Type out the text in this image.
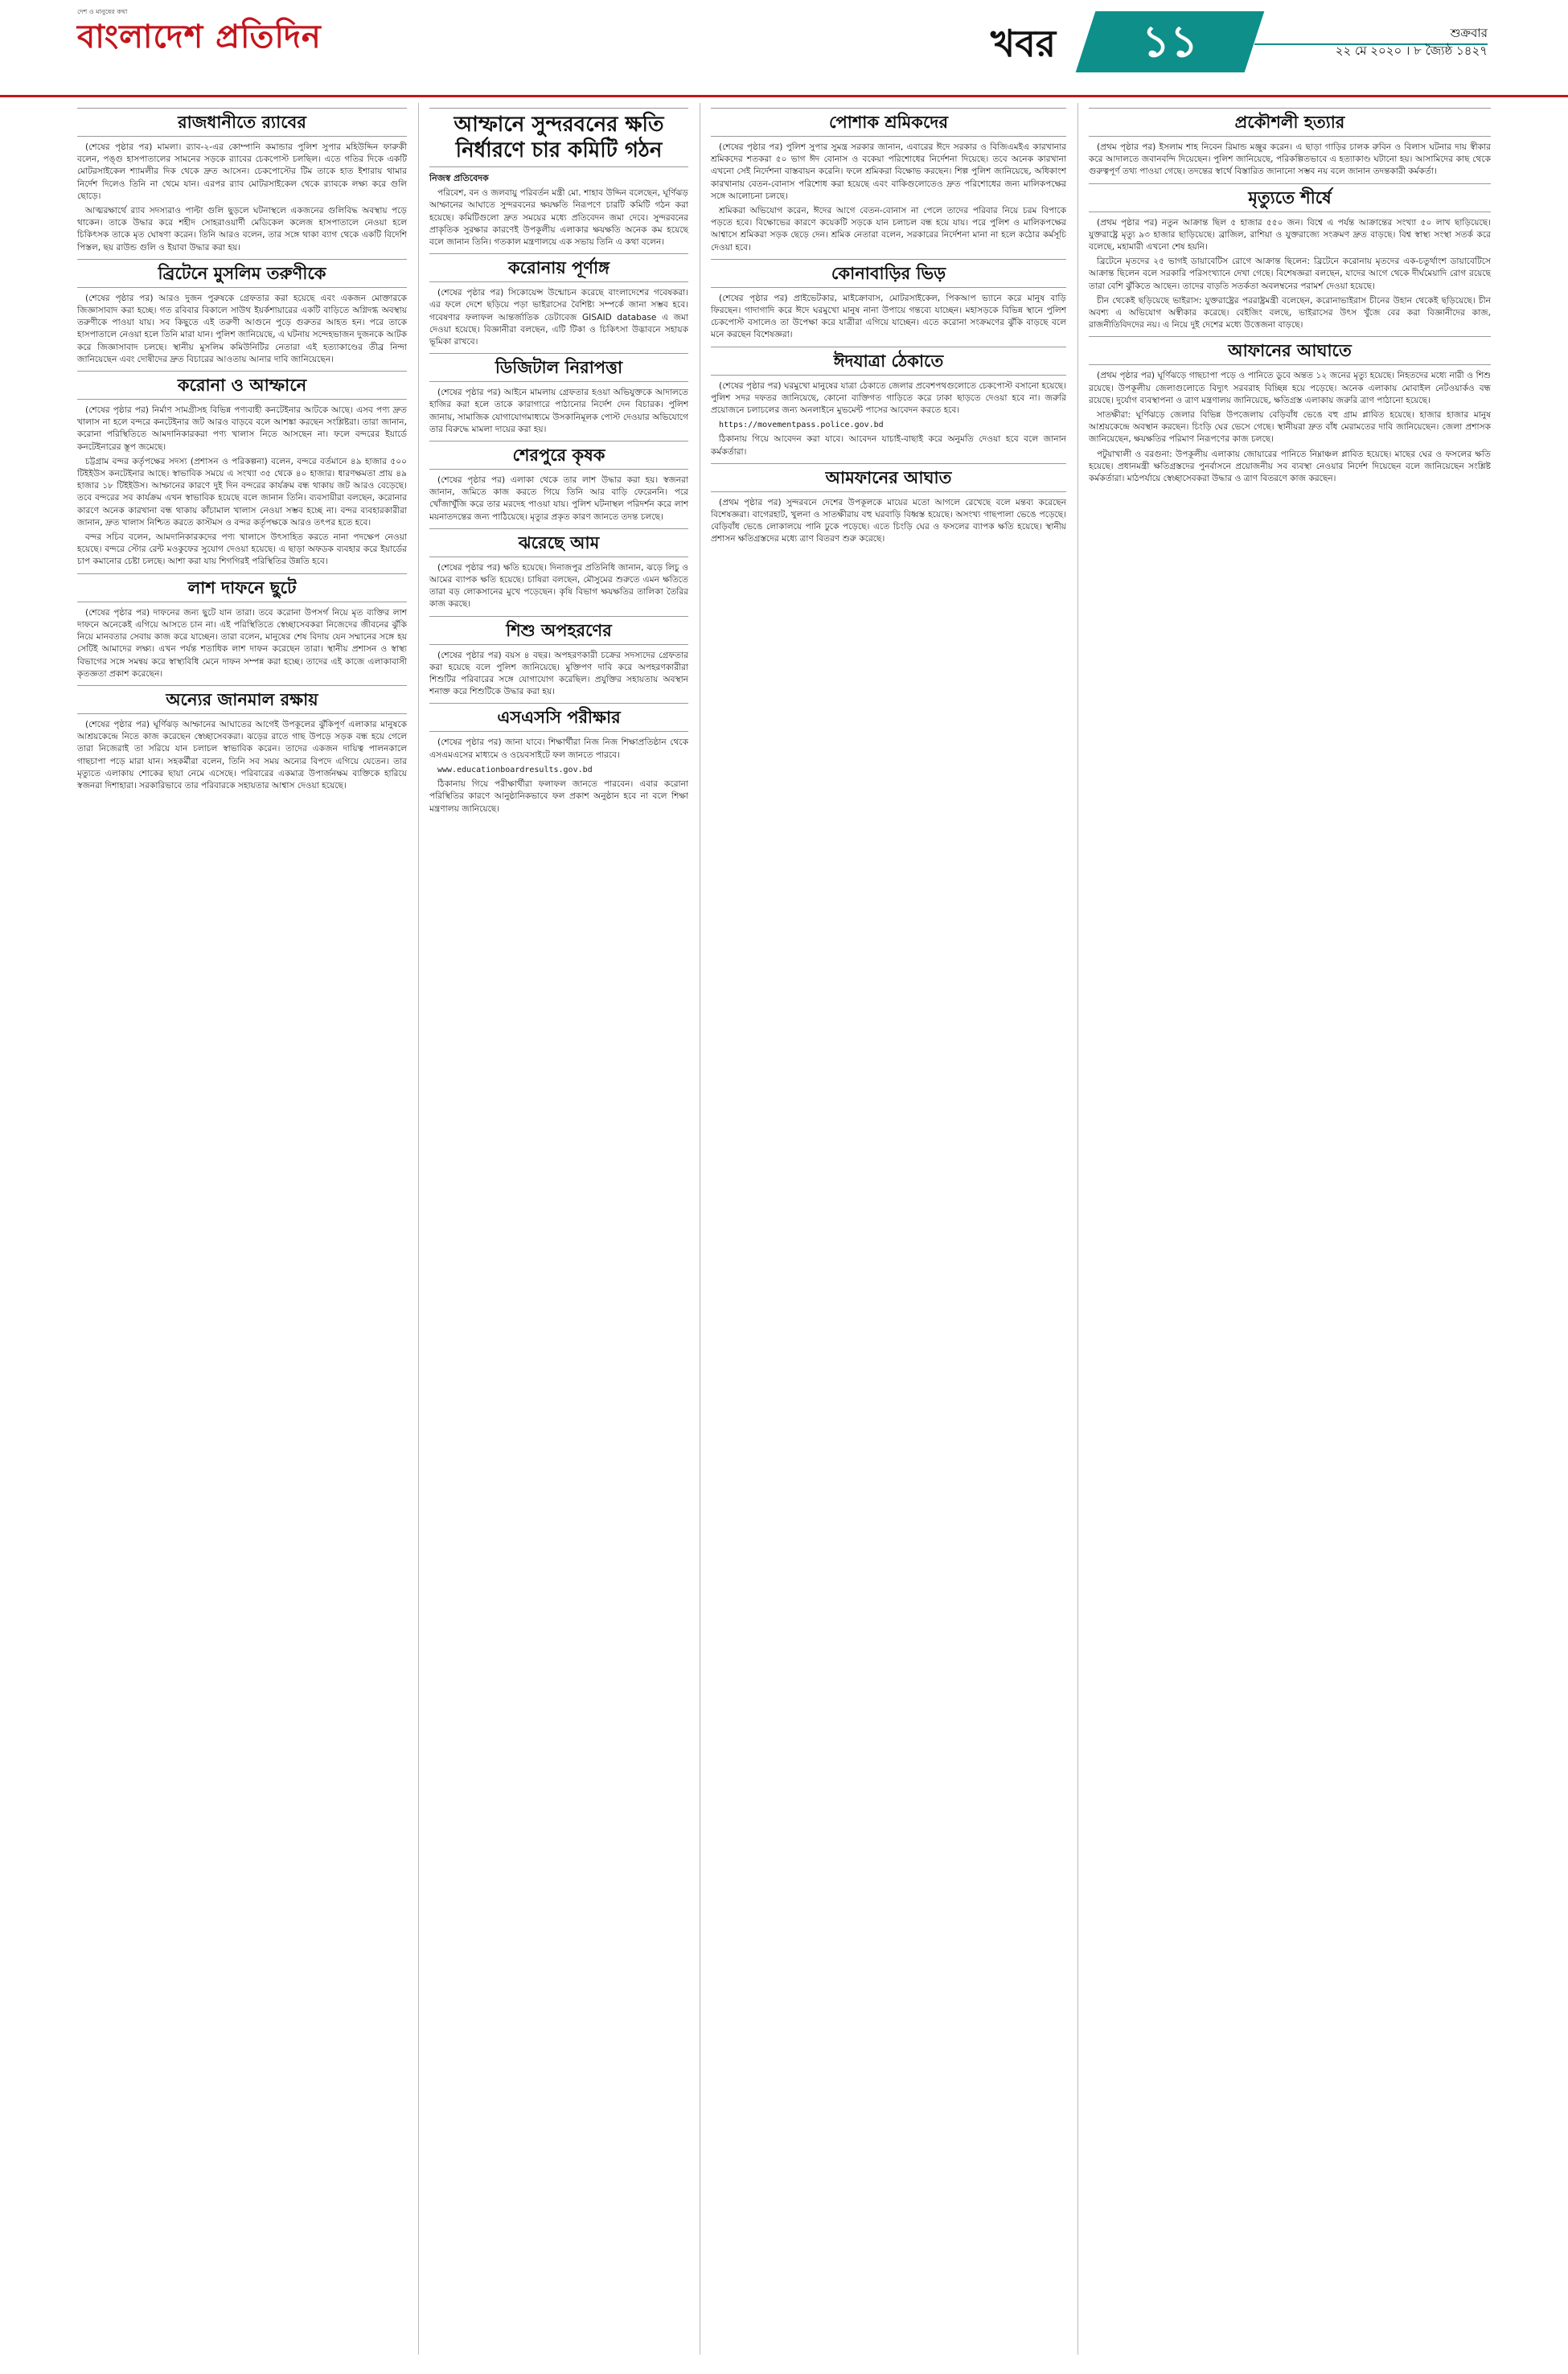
দেশ ও মানুষের কথা
বাংলাদেশ প্রতিদিন	খবর	১১	শুক্রবার
২২ মে ২০২০ । ৮ জ্যৈষ্ঠ ১৪২৭
রাজধানীতে র‌্যাবের

(শেষের পৃষ্ঠার পর) মামলা। র‌্যাব-২-এর কোম্পানি কমান্ডার পুলিশ সুপার মহিউদ্দিন ফারুকী বলেন, পঙ্গু হাসপাতালের সামনের সড়কে র‌্যাবের চেকপোস্ট চলছিল। এতে গতির দিকে একটি মোটরসাইকেল শ্যামলীর দিক থেকে দ্রুত আসেন। চেকপোস্টের টিম তাকে হাত ইশারায় থামার নির্দেশ দিলেও তিনি না থেমে যান। এরপর র‌্যাব মোটরসাইকেল থেকে র‌্যাবকে লক্ষ্য করে গুলি ছোড়ে।

আত্মরক্ষার্থে র‌্যাব সদস্যরাও পাল্টা গুলি ছুড়লে ঘটনাস্থলে একজনের গুলিবিদ্ধ অবস্থায় পড়ে থাকেন। তাকে উদ্ধার করে শহীদ সোহরাওয়ার্দী মেডিকেল কলেজ হাসপাতালে নেওয়া হলে চিকিৎসক তাকে মৃত ঘোষণা করেন। তিনি আরও বলেন, তার সঙ্গে থাকা ব্যাগ থেকে একটি বিদেশি পিস্তল, ছয় রাউন্ড গুলি ও ইয়াবা উদ্ধার করা হয়।

ব্রিটেনে মুসলিম তরুণীকে

(শেষের পৃষ্ঠার পর) আরও দুজন পুরুষকে গ্রেফতার করা হয়েছে এবং একজন মোক্তারকে জিজ্ঞাসাবাদ করা হচ্ছে। গত রবিবার বিকালে সাউথ ইয়র্কশায়ারের একটি বাড়িতে অগ্নিদগ্ধ অবস্থায় তরুণীকে পাওয়া যায়। সব কিছুতে এই তরুণী আগুনে পুড়ে গুরুতর আহত হন। পরে তাকে হাসপাতালে নেওয়া হলে তিনি মারা যান। পুলিশ জানিয়েছে, এ ঘটনায় সন্দেহভাজন দুজনকে আটক করে জিজ্ঞাসাবাদ চলছে। স্থানীয় মুসলিম কমিউনিটির নেতারা এই হত্যাকাণ্ডের তীব্র নিন্দা জানিয়েছেন এবং দোষীদের দ্রুত বিচারের আওতায় আনার দাবি জানিয়েছেন।

করোনা ও আম্ফানে

(শেষের পৃষ্ঠার পর) নির্মাণ সামগ্রীসহ বিভিন্ন পণ্যবাহী কনটেইনার আটকে আছে। এসব পণ্য দ্রুত খালাস না হলে বন্দরে কনটেইনার জট আরও বাড়বে বলে আশঙ্কা করছেন সংশ্লিষ্টরা। তারা জানান, করোনা পরিস্থিতিতে আমদানিকারকরা পণ্য খালাস নিতে আসছেন না। ফলে বন্দরের ইয়ার্ডে কনটেইনারের স্তূপ জমেছে।

চট্টগ্রাম বন্দর কর্তৃপক্ষের সদস্য (প্রশাসন ও পরিকল্পনা) বলেন, বন্দরে বর্তমানে ৪৯ হাজার ৫০০ টিইইউস কনটেইনার আছে। স্বাভাবিক সময়ে এ সংখ্যা ৩৫ থেকে ৪০ হাজার। ধারণক্ষমতা প্রায় ৪৯ হাজার ১৮ টিইইউস। আম্ফানের কারণে দুই দিন বন্দরের কার্যক্রম বন্ধ থাকায় জট আরও বেড়েছে। তবে বন্দরের সব কার্যক্রম এখন স্বাভাবিক হয়েছে বলে জানান তিনি। ব্যবসায়ীরা বলছেন, করোনার কারণে অনেক কারখানা বন্ধ থাকায় কাঁচামাল খালাস নেওয়া সম্ভব হচ্ছে না। বন্দর ব্যবহারকারীরা জানান, দ্রুত খালাস নিশ্চিত করতে কাস্টমস ও বন্দর কর্তৃপক্ষকে আরও তৎপর হতে হবে।

বন্দর সচিব বলেন, আমদানিকারকদের পণ্য খালাসে উৎসাহিত করতে নানা পদক্ষেপ নেওয়া হয়েছে। বন্দরে স্টোর রেন্ট মওকুফের সুযোগ দেওয়া হয়েছে। এ ছাড়া অফডক ব্যবহার করে ইয়ার্ডের চাপ কমানোর চেষ্টা চলছে। আশা করা যায় শিগগিরই পরিস্থিতির উন্নতি হবে।

লাশ দাফনে ছুটে

(শেষের পৃষ্ঠার পর) দাফনের জন্য ছুটে যান তারা। তবে করোনা উপসর্গ নিয়ে মৃত ব্যক্তির লাশ দাফনে অনেকেই এগিয়ে আসতে চান না। এই পরিস্থিতিতে স্বেচ্ছাসেবকরা নিজেদের জীবনের ঝুঁকি নিয়ে মানবতার সেবায় কাজ করে যাচ্ছেন। তারা বলেন, মানুষের শেষ বিদায় যেন সম্মানের সঙ্গে হয় সেটিই আমাদের লক্ষ্য। এখন পর্যন্ত শতাধিক লাশ দাফন করেছেন তারা। স্থানীয় প্রশাসন ও স্বাস্থ্য বিভাগের সঙ্গে সমন্বয় করে স্বাস্থ্যবিধি মেনে দাফন সম্পন্ন করা হচ্ছে। তাদের এই কাজে এলাকাবাসী কৃতজ্ঞতা প্রকাশ করেছেন।

অন্যের জানমাল রক্ষায়

(শেষের পৃষ্ঠার পর) ঘূর্ণিঝড় আম্ফানের আঘাতের আগেই উপকূলের ঝুঁকিপূর্ণ এলাকার মানুষকে আশ্রয়কেন্দ্রে নিতে কাজ করেছেন স্বেচ্ছাসেবকরা। ঝড়ের রাতে গাছ উপড়ে সড়ক বন্ধ হয়ে গেলে তারা নিজেরাই তা সরিয়ে যান চলাচল স্বাভাবিক করেন। তাদের একজন দায়িত্ব পালনকালে গাছচাপা পড়ে মারা যান। সহকর্মীরা বলেন, তিনি সব সময় অন্যের বিপদে এগিয়ে যেতেন। তার মৃত্যুতে এলাকায় শোকের ছায়া নেমে এসেছে। পরিবারের একমাত্র উপার্জনক্ষম ব্যক্তিকে হারিয়ে স্বজনরা দিশাহারা। সরকারিভাবে তার পরিবারকে সহায়তার আশ্বাস দেওয়া হয়েছে।

আম্ফানে সুন্দরবনের ক্ষতি নির্ধারণে চার কমিটি গঠন
নিজস্ব প্রতিবেদক

পরিবেশ, বন ও জলবায়ু পরিবর্তন মন্ত্রী মো. শাহাব উদ্দিন বলেছেন, ঘূর্ণিঝড় আম্ফানের আঘাতে সুন্দরবনের ক্ষয়ক্ষতি নিরূপণে চারটি কমিটি গঠন করা হয়েছে। কমিটিগুলো দ্রুত সময়ের মধ্যে প্রতিবেদন জমা দেবে। সুন্দরবনের প্রাকৃতিক সুরক্ষার কারণেই উপকূলীয় এলাকার ক্ষয়ক্ষতি অনেক কম হয়েছে বলে জানান তিনি। গতকাল মন্ত্রণালয়ে এক সভায় তিনি এ কথা বলেন।

করোনায় পূর্ণাঙ্গ

(শেষের পৃষ্ঠার পর) সিকোয়েন্স উন্মোচন করেছে বাংলাদেশের গবেষকরা। এর ফলে দেশে ছড়িয়ে পড়া ভাইরাসের বৈশিষ্ট্য সম্পর্কে জানা সম্ভব হবে। গবেষণার ফলাফল আন্তর্জাতিক ডেটাবেজ GISAID database এ জমা দেওয়া হয়েছে। বিজ্ঞানীরা বলছেন, এটি টিকা ও চিকিৎসা উদ্ভাবনে সহায়ক ভূমিকা রাখবে।

ডিজিটাল নিরাপত্তা

(শেষের পৃষ্ঠার পর) আইনে মামলায় গ্রেফতার হওয়া অভিযুক্তকে আদালতে হাজির করা হলে তাকে কারাগারে পাঠানোর নির্দেশ দেন বিচারক। পুলিশ জানায়, সামাজিক যোগাযোগমাধ্যমে উসকানিমূলক পোস্ট দেওয়ার অভিযোগে তার বিরুদ্ধে মামলা দায়ের করা হয়।

শেরপুরে কৃষক

(শেষের পৃষ্ঠার পর) এলাকা থেকে তার লাশ উদ্ধার করা হয়। স্বজনরা জানান, জমিতে কাজ করতে গিয়ে তিনি আর বাড়ি ফেরেননি। পরে খোঁজাখুঁজি করে তার মরদেহ পাওয়া যায়। পুলিশ ঘটনাস্থল পরিদর্শন করে লাশ ময়নাতদন্তের জন্য পাঠিয়েছে। মৃত্যুর প্রকৃত কারণ জানতে তদন্ত চলছে।

ঝরেছে আম

(শেষের পৃষ্ঠার পর) ক্ষতি হয়েছে। দিনাজপুর প্রতিনিধি জানান, ঝড়ে লিচু ও আমের ব্যাপক ক্ষতি হয়েছে। চাষিরা বলছেন, মৌসুমের শুরুতে এমন ক্ষতিতে তারা বড় লোকসানের মুখে পড়েছেন। কৃষি বিভাগ ক্ষয়ক্ষতির তালিকা তৈরির কাজ করছে।

শিশু অপহরণের

(শেষের পৃষ্ঠার পর) বয়স ৪ বছর। অপহরণকারী চক্রের সদস্যদের গ্রেফতার করা হয়েছে বলে পুলিশ জানিয়েছে। মুক্তিপণ দাবি করে অপহরণকারীরা শিশুটির পরিবারের সঙ্গে যোগাযোগ করেছিল। প্রযুক্তির সহায়তায় অবস্থান শনাক্ত করে শিশুটিকে উদ্ধার করা হয়।

এসএসসি পরীক্ষার

(শেষের পৃষ্ঠার পর) জানা যাবে। শিক্ষার্থীরা নিজ নিজ শিক্ষাপ্রতিষ্ঠান থেকে এসএমএসের মাধ্যমে ও ওয়েবসাইটে ফল জানতে পারবে।

www.educationboardresults.gov.bd

ঠিকানায় গিয়ে পরীক্ষার্থীরা ফলাফল জানতে পারবেন। এবার করোনা পরিস্থিতির কারণে আনুষ্ঠানিকভাবে ফল প্রকাশ অনুষ্ঠান হবে না বলে শিক্ষা মন্ত্রণালয় জানিয়েছে।

পোশাক শ্রমিকদের

(শেষের পৃষ্ঠার পর) পুলিশ সুপার সুমন্ত্র সরকার জানান, এবারের ঈদে সরকার ও বিজিএমইএ কারখানার শ্রমিকদের শতকরা ৫০ ভাগ ঈদ বোনাস ও বকেয়া পরিশোধের নির্দেশনা দিয়েছে। তবে অনেক কারখানা এখনো সেই নির্দেশনা বাস্তবায়ন করেনি। ফলে শ্রমিকরা বিক্ষোভ করছেন। শিল্প পুলিশ জানিয়েছে, অধিকাংশ কারখানায় বেতন-বোনাস পরিশোধ করা হয়েছে এবং বাকিগুলোতেও দ্রুত পরিশোধের জন্য মালিকপক্ষের সঙ্গে আলোচনা চলছে।

শ্রমিকরা অভিযোগ করেন, ঈদের আগে বেতন-বোনাস না পেলে তাদের পরিবার নিয়ে চরম বিপাকে পড়তে হবে। বিক্ষোভের কারণে কয়েকটি সড়কে যান চলাচল বন্ধ হয়ে যায়। পরে পুলিশ ও মালিকপক্ষের আশ্বাসে শ্রমিকরা সড়ক ছেড়ে দেন। শ্রমিক নেতারা বলেন, সরকারের নির্দেশনা মানা না হলে কঠোর কর্মসূচি দেওয়া হবে।

কোনাবাড়ির ভিড়

(শেষের পৃষ্ঠার পর) প্রাইভেটকার, মাইক্রোবাস, মোটরসাইকেল, পিকআপ ভ্যানে করে মানুষ বাড়ি ফিরছেন। গাদাগাদি করে ঈদে ঘরমুখো মানুষ নানা উপায়ে গন্তব্যে যাচ্ছেন। মহাসড়কে বিভিন্ন স্থানে পুলিশ চেকপোস্ট বসালেও তা উপেক্ষা করে যাত্রীরা এগিয়ে যাচ্ছেন। এতে করোনা সংক্রমণের ঝুঁকি বাড়ছে বলে মনে করছেন বিশেষজ্ঞরা।

ঈদযাত্রা ঠেকাতে

(শেষের পৃষ্ঠার পর) ঘরমুখো মানুষের যাত্রা ঠেকাতে জেলার প্রবেশপথগুলোতে চেকপোস্ট বসানো হয়েছে। পুলিশ সদর দফতর জানিয়েছে, কোনো ব্যক্তিগত গাড়িতে করে ঢাকা ছাড়তে দেওয়া হবে না। জরুরি প্রয়োজনে চলাচলের জন্য অনলাইনে মুভমেন্ট পাসের আবেদন করতে হবে।

https://movementpass.police.gov.bd

ঠিকানায় গিয়ে আবেদন করা যাবে। আবেদন যাচাই-বাছাই করে অনুমতি দেওয়া হবে বলে জানান কর্মকর্তারা।

আমফানের আঘাত

(প্রথম পৃষ্ঠার পর) সুন্দরবনে দেশের উপকূলকে মায়ের মতো আগলে রেখেছে বলে মন্তব্য করেছেন বিশেষজ্ঞরা। বাগেরহাট, খুলনা ও সাতক্ষীরায় বহু ঘরবাড়ি বিধ্বস্ত হয়েছে। অসংখ্য গাছপালা ভেঙে পড়েছে। বেড়িবাঁধ ভেঙে লোকালয়ে পানি ঢুকে পড়েছে। এতে চিংড়ি ঘের ও ফসলের ব্যাপক ক্ষতি হয়েছে। স্থানীয় প্রশাসন ক্ষতিগ্রস্তদের মধ্যে ত্রাণ বিতরণ শুরু করেছে।

প্রকৌশলী হত্যার

(প্রথম পৃষ্ঠার পর) ইসলাম শাহ নিবেন রিমান্ড মঞ্জুর করেন। এ ছাড়া গাড়ির চালক রুবিন ও বিলাস ঘটনার দায় স্বীকার করে আদালতে জবানবন্দি দিয়েছেন। পুলিশ জানিয়েছে, পরিকল্পিতভাবে এ হত্যাকাণ্ড ঘটানো হয়। আসামিদের কাছ থেকে গুরুত্বপূর্ণ তথ্য পাওয়া গেছে। তদন্তের স্বার্থে বিস্তারিত জানানো সম্ভব নয় বলে জানান তদন্তকারী কর্মকর্তা।

মৃত্যুতে শীর্ষে

(প্রথম পৃষ্ঠার পর) নতুন আক্রান্ত ছিল ৫ হাজার ৫৫০ জন। বিশ্বে এ পর্যন্ত আক্রান্তের সংখ্যা ৫০ লাখ ছাড়িয়েছে। যুক্তরাষ্ট্রে মৃত্যু ৯৩ হাজার ছাড়িয়েছে। ব্রাজিল, রাশিয়া ও যুক্তরাজ্যে সংক্রমণ দ্রুত বাড়ছে। বিশ্ব স্বাস্থ্য সংস্থা সতর্ক করে বলেছে, মহামারী এখনো শেষ হয়নি।

ব্রিটেনে মৃতদের ২৫ ভাগই ডায়াবেটিস রোগে আক্রান্ত ছিলেন: ব্রিটেনে করোনায় মৃতদের এক-চতুর্থাংশ ডায়াবেটিসে আক্রান্ত ছিলেন বলে সরকারি পরিসংখ্যানে দেখা গেছে। বিশেষজ্ঞরা বলছেন, যাদের আগে থেকে দীর্ঘমেয়াদি রোগ রয়েছে তারা বেশি ঝুঁকিতে আছেন। তাদের বাড়তি সতর্কতা অবলম্বনের পরামর্শ দেওয়া হয়েছে।

চীন থেকেই ছড়িয়েছে ভাইরাস: যুক্তরাষ্ট্রের পররাষ্ট্রমন্ত্রী বলেছেন, করোনাভাইরাস চীনের উহান থেকেই ছড়িয়েছে। চীন অবশ্য এ অভিযোগ অস্বীকার করেছে। বেইজিং বলছে, ভাইরাসের উৎস খুঁজে বের করা বিজ্ঞানীদের কাজ, রাজনীতিবিদদের নয়। এ নিয়ে দুই দেশের মধ্যে উত্তেজনা বাড়ছে।

আফানের আঘাতে

(প্রথম পৃষ্ঠার পর) ঘূর্ণিঝড়ে গাছচাপা পড়ে ও পানিতে ডুবে অন্তত ১২ জনের মৃত্যু হয়েছে। নিহতদের মধ্যে নারী ও শিশু রয়েছে। উপকূলীয় জেলাগুলোতে বিদ্যুৎ সরবরাহ বিচ্ছিন্ন হয়ে পড়েছে। অনেক এলাকায় মোবাইল নেটওয়ার্কও বন্ধ রয়েছে। দুর্যোগ ব্যবস্থাপনা ও ত্রাণ মন্ত্রণালয় জানিয়েছে, ক্ষতিগ্রস্ত এলাকায় জরুরি ত্রাণ পাঠানো হয়েছে।

সাতক্ষীরা: ঘূর্ণিঝড়ে জেলার বিভিন্ন উপজেলায় বেড়িবাঁধ ভেঙে বহু গ্রাম প্লাবিত হয়েছে। হাজার হাজার মানুষ আশ্রয়কেন্দ্রে অবস্থান করছেন। চিংড়ি ঘের ভেসে গেছে। স্থানীয়রা দ্রুত বাঁধ মেরামতের দাবি জানিয়েছেন। জেলা প্রশাসক জানিয়েছেন, ক্ষয়ক্ষতির পরিমাণ নিরূপণের কাজ চলছে।

পটুয়াখালী ও বরগুনা: উপকূলীয় এলাকায় জোয়ারের পানিতে নিম্নাঞ্চল প্লাবিত হয়েছে। মাছের ঘের ও ফসলের ক্ষতি হয়েছে। প্রধানমন্ত্রী ক্ষতিগ্রস্তদের পুনর্বাসনে প্রয়োজনীয় সব ব্যবস্থা নেওয়ার নির্দেশ দিয়েছেন বলে জানিয়েছেন সংশ্লিষ্ট কর্মকর্তারা। মাঠপর্যায়ে স্বেচ্ছাসেবকরা উদ্ধার ও ত্রাণ বিতরণে কাজ করছেন।
